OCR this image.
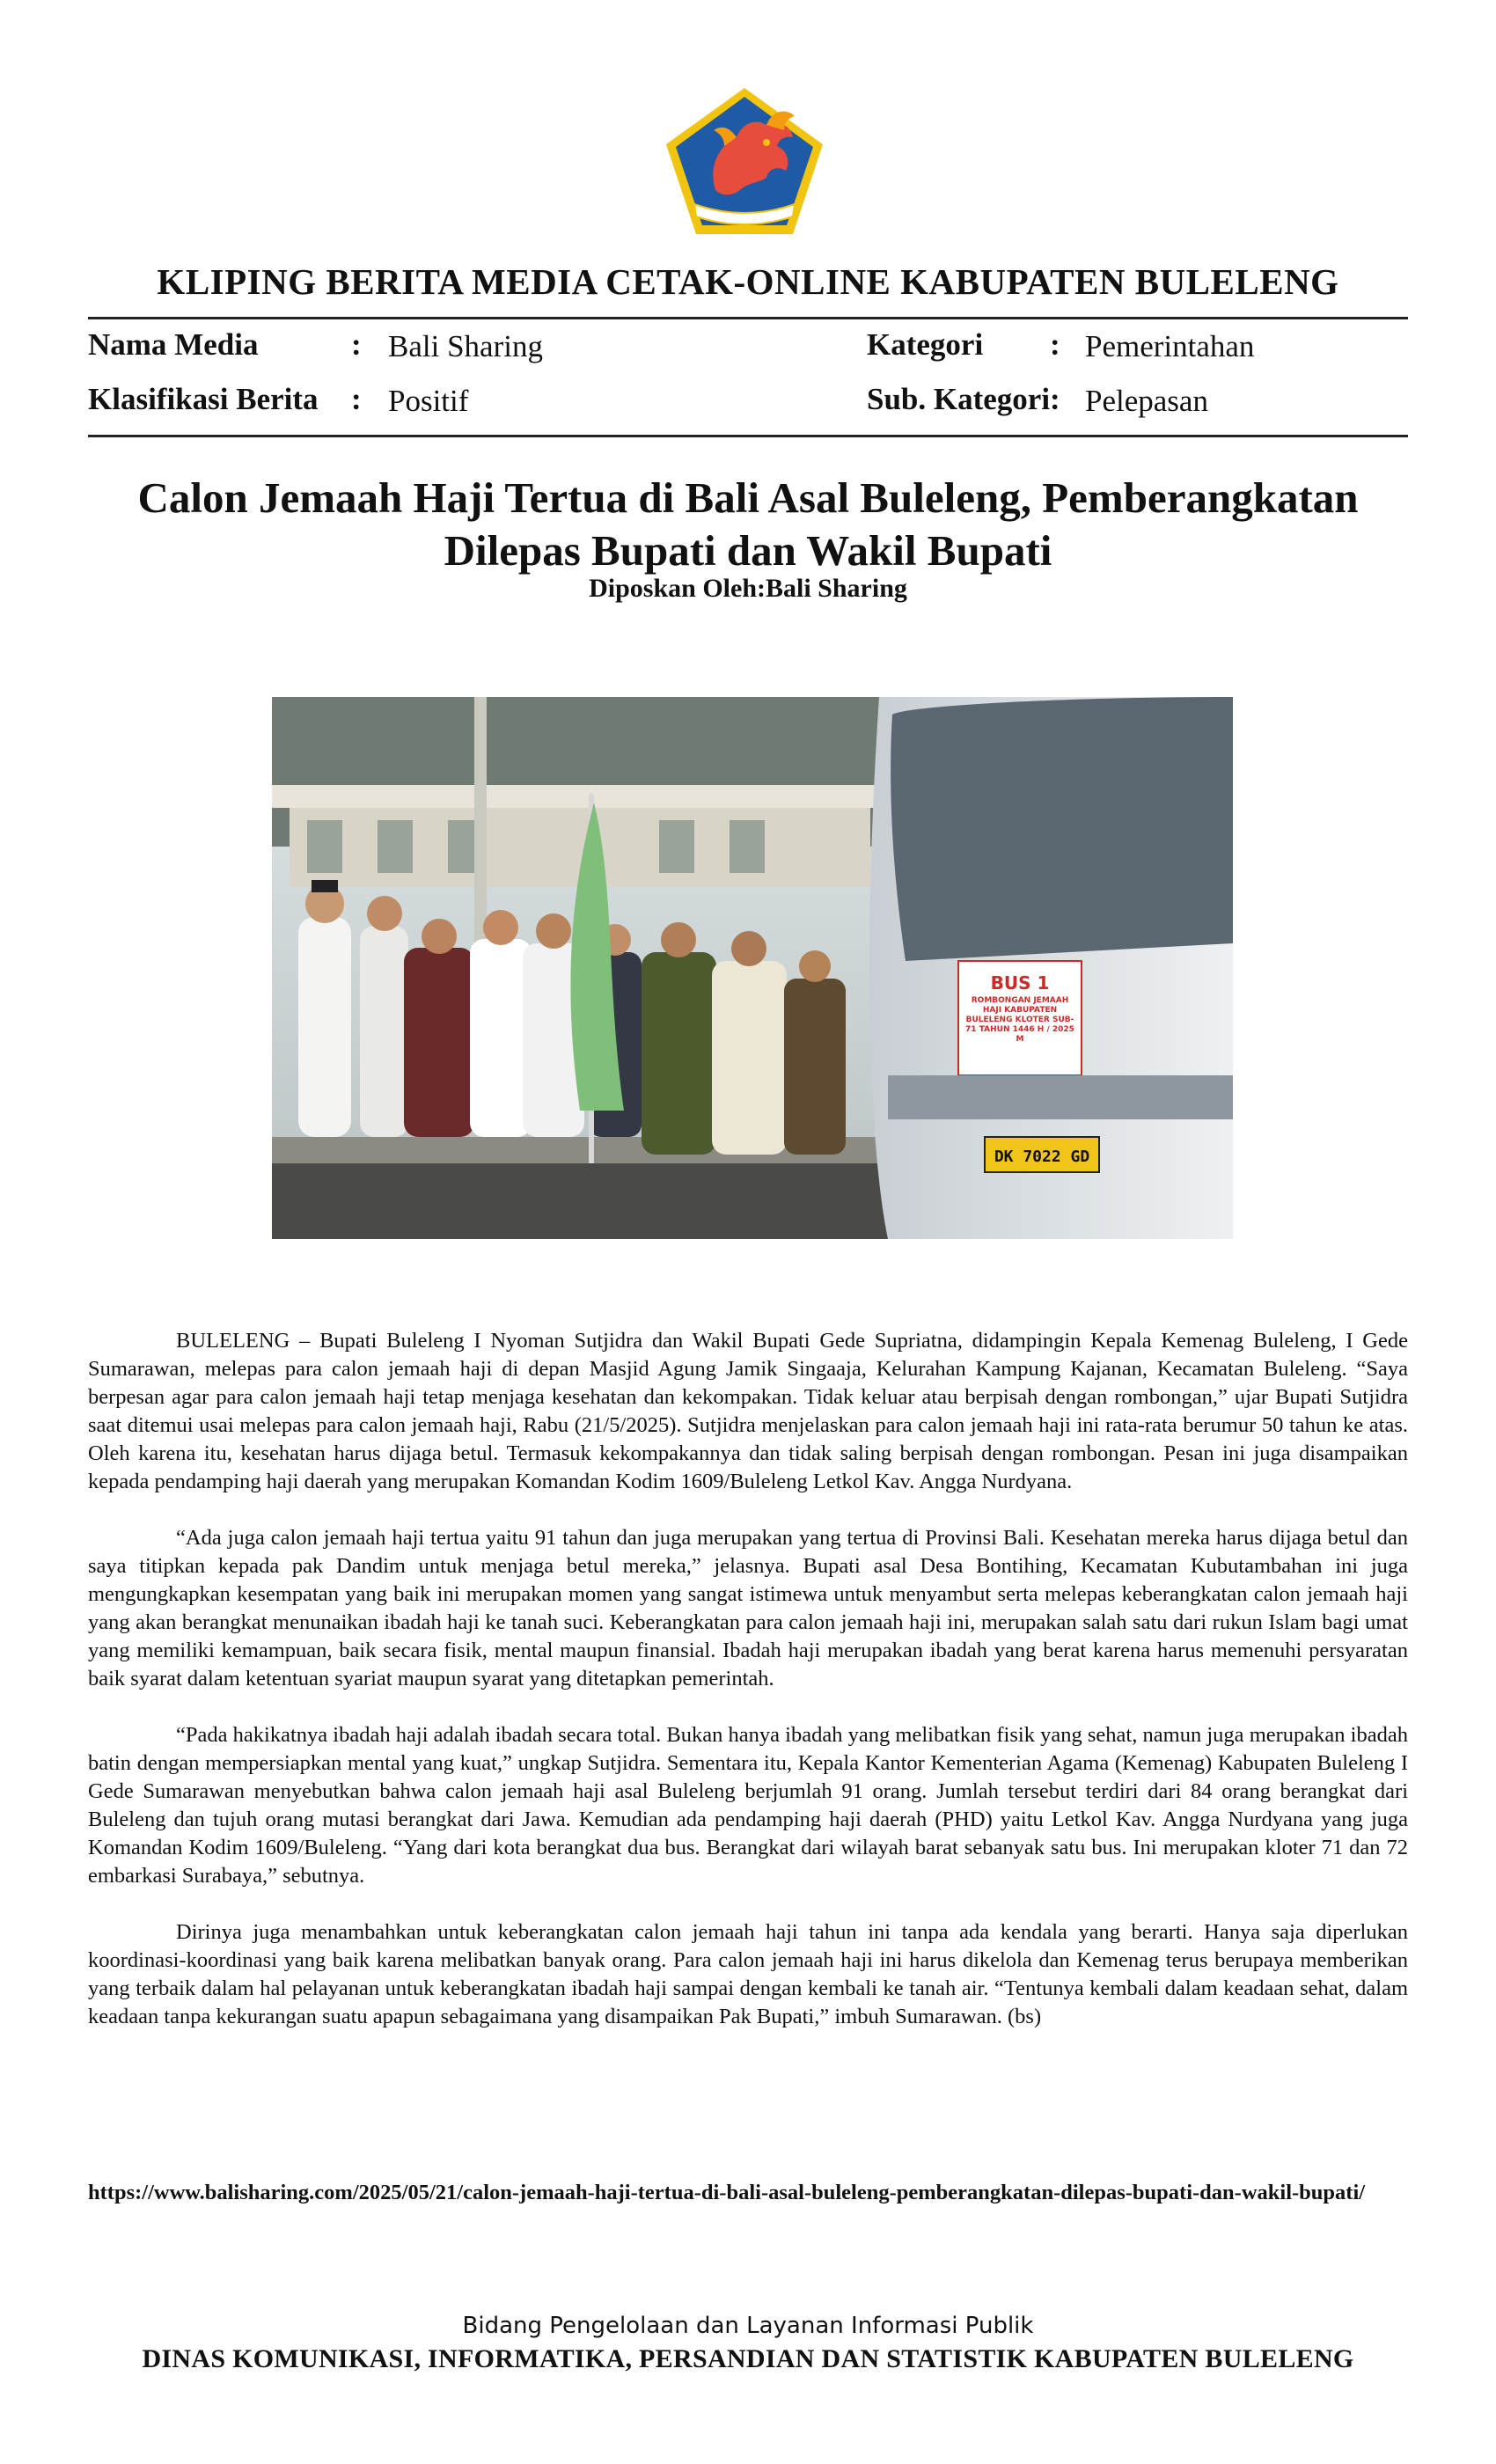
KLIPING BERITA MEDIA CETAK-ONLINE KABUPATEN BULELENG
Nama Media	: Bali Sharing	Kategori : Pemerintahan
Klasifikasi Berita : Positif	Sub. Kategori : Pelepasan
Calon Jemaah Haji Tertua di Bali Asal Buleleng, Pemberangkatan Dilepas Bupati dan Wakil Bupati
Diposkan Oleh:Bali Sharing
BUS 1
ROMBONGAN JEMAAH HAJI KABUPATEN BULELENG KLOTER SUB-71 TAHUN 1446 H / 2025 M
DK 7022 GD

BULELENG – Bupati Buleleng I Nyoman Sutjidra dan Wakil Bupati Gede Supriatna, didampingin Kepala Kemenag Buleleng, I Gede Sumarawan, melepas para calon jemaah haji di depan Masjid Agung Jamik Singaaja, Kelurahan Kampung Kajanan, Kecamatan Buleleng. “Saya berpesan agar para calon jemaah haji tetap menjaga kesehatan dan kekompakan. Tidak keluar atau berpisah dengan rombongan,” ujar Bupati Sutjidra saat ditemui usai melepas para calon jemaah haji, Rabu (21/5/2025). Sutjidra menjelaskan para calon jemaah haji ini rata-rata berumur 50 tahun ke atas. Oleh karena itu, kesehatan harus dijaga betul. Termasuk kekompakannya dan tidak saling berpisah dengan rombongan. Pesan ini juga disampaikan kepada pendamping haji daerah yang merupakan Komandan Kodim 1609/Buleleng Letkol Kav. Angga Nurdyana.

“Ada juga calon jemaah haji tertua yaitu 91 tahun dan juga merupakan yang tertua di Provinsi Bali. Kesehatan mereka harus dijaga betul dan saya titipkan kepada pak Dandim untuk menjaga betul mereka,” jelasnya. Bupati asal Desa Bontihing, Kecamatan Kubutambahan ini juga mengungkapkan kesempatan yang baik ini merupakan momen yang sangat istimewa untuk menyambut serta melepas keberangkatan calon jemaah haji yang akan berangkat menunaikan ibadah haji ke tanah suci. Keberangkatan para calon jemaah haji ini, merupakan salah satu dari rukun Islam bagi umat yang memiliki kemampuan, baik secara fisik, mental maupun finansial. Ibadah haji merupakan ibadah yang berat karena harus memenuhi persyaratan baik syarat dalam ketentuan syariat maupun syarat yang ditetapkan pemerintah.

“Pada hakikatnya ibadah haji adalah ibadah secara total. Bukan hanya ibadah yang melibatkan fisik yang sehat, namun juga merupakan ibadah batin dengan mempersiapkan mental yang kuat,” ungkap Sutjidra. Sementara itu, Kepala Kantor Kementerian Agama (Kemenag) Kabupaten Buleleng I Gede Sumarawan menyebutkan bahwa calon jemaah haji asal Buleleng berjumlah 91 orang. Jumlah tersebut terdiri dari 84 orang berangkat dari Buleleng dan tujuh orang mutasi berangkat dari Jawa. Kemudian ada pendamping haji daerah (PHD) yaitu Letkol Kav. Angga Nurdyana yang juga Komandan Kodim 1609/Buleleng. “Yang dari kota berangkat dua bus. Berangkat dari wilayah barat sebanyak satu bus. Ini merupakan kloter 71 dan 72 embarkasi Surabaya,” sebutnya.

Dirinya juga menambahkan untuk keberangkatan calon jemaah haji tahun ini tanpa ada kendala yang berarti. Hanya saja diperlukan koordinasi-koordinasi yang baik karena melibatkan banyak orang. Para calon jemaah haji ini harus dikelola dan Kemenag terus berupaya memberikan yang terbaik dalam hal pelayanan untuk keberangkatan ibadah haji sampai dengan kembali ke tanah air. “Tentunya kembali dalam keadaan sehat, dalam keadaan tanpa kekurangan suatu apapun sebagaimana yang disampaikan Pak Bupati,” imbuh Sumarawan. (bs)

https://www.balisharing.com/2025/05/21/calon-jemaah-haji-tertua-di-bali-asal-buleleng-pemberangkatan-dilepas-bupati-dan-wakil-bupati/
Bidang Pengelolaan dan Layanan Informasi Publik
DINAS KOMUNIKASI, INFORMATIKA, PERSANDIAN DAN STATISTIK KABUPATEN BULELENG
